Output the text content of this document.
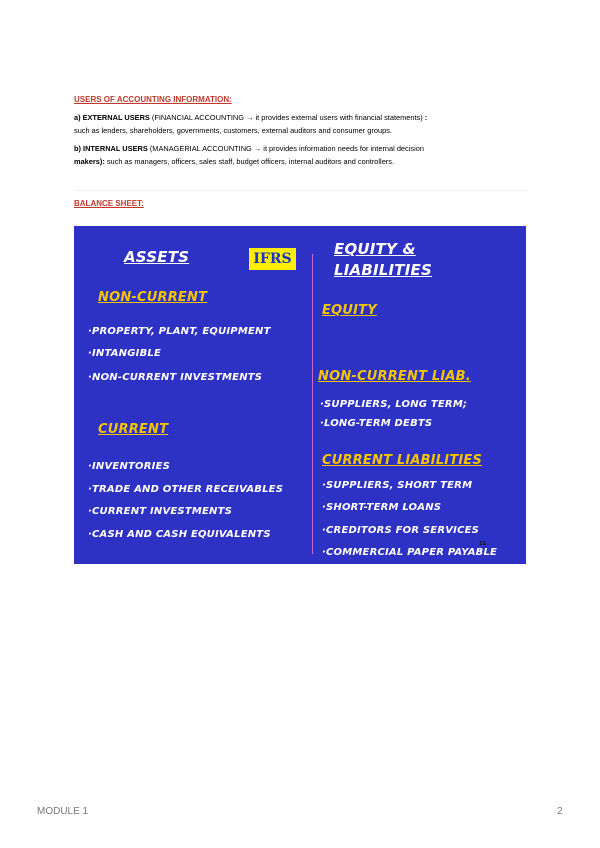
USERS OF ACCOUNTING INFORMATION:
a) EXTERNAL USERS (FINANCIAL ACCOUNTING → it provides external users with financial statements) :
such as lenders, shareholders, governments, customers, external auditors and consumer groups.
b) INTERNAL USERS (MANAGERIAL ACCOUNTING → it provides information needs for internal decision
makers): such as managers, officers, sales staff, budget officers, internal auditors and controllers.
BALANCE SHEET:
ASSETS	IFRS
EQUITY &
LIABILITIES
NON-CURRENT
·PROPERTY, PLANT, EQUIPMENT
·INTANGIBLE
·NON-CURRENT INVESTMENTS
CURRENT
·INVENTORIES
·TRADE AND OTHER RECEIVABLES
·CURRENT INVESTMENTS
·CASH AND CASH EQUIVALENTS
EQUITY
NON-CURRENT LIAB.
·SUPPLIERS, LONG TERM;
·LONG-TERM DEBTS
CURRENT LIABILITIES
·SUPPLIERS, SHORT TERM
·SHORT-TERM LOANS
·CREDITORS FOR SERVICES
·COMMERCIAL PAPER PAYABLE
11
MODULE 1	2
